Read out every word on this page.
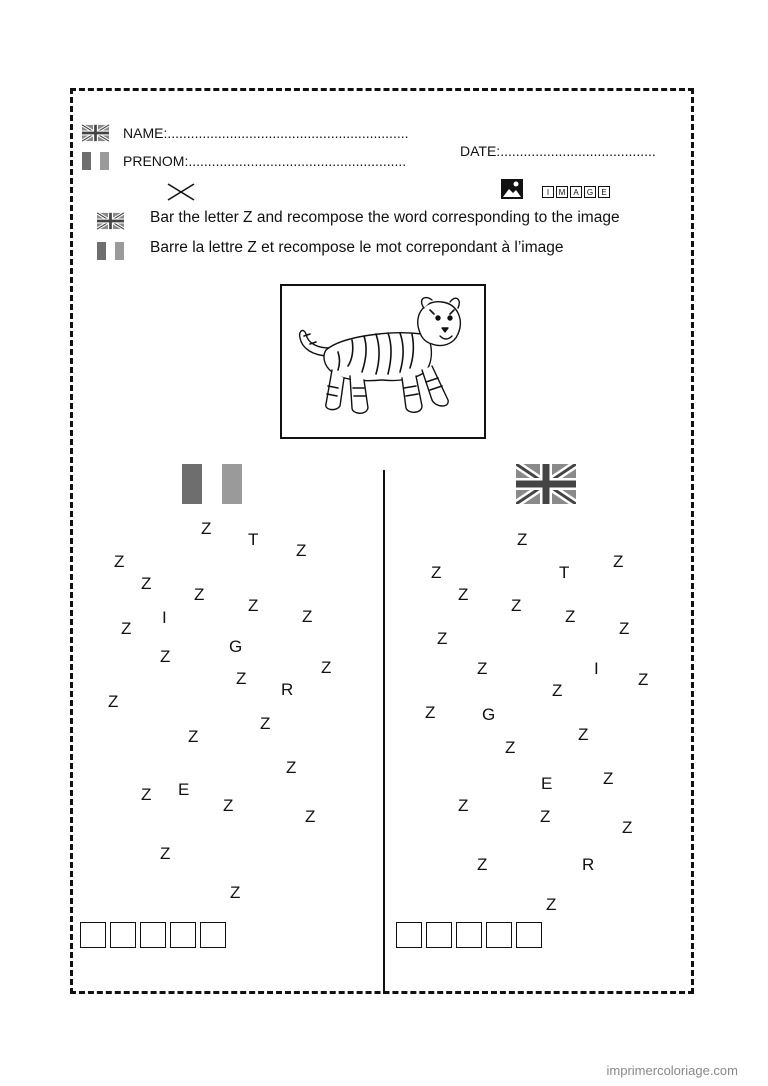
NAME:..............................................................
PRENOM:........................................................
DATE:........................................
I	M	A	G	E
Bar the letter Z and recompose the word corresponding to the image
Barre la lettre Z et recompose le mot correpondant à l’image
Z
T
Z
Z
Z
Z
I
Z
Z
Z
G
Z
Z
Z
R
Z
Z
Z
Z
E
Z
Z
Z
Z
Z
Z
Z	T
Z
Z
Z
Z
Z
Z
Z	I
Z
Z
Z	G
Z
Z
E	Z
Z
Z
Z
Z	R
Z
imprimercoloriage.com
